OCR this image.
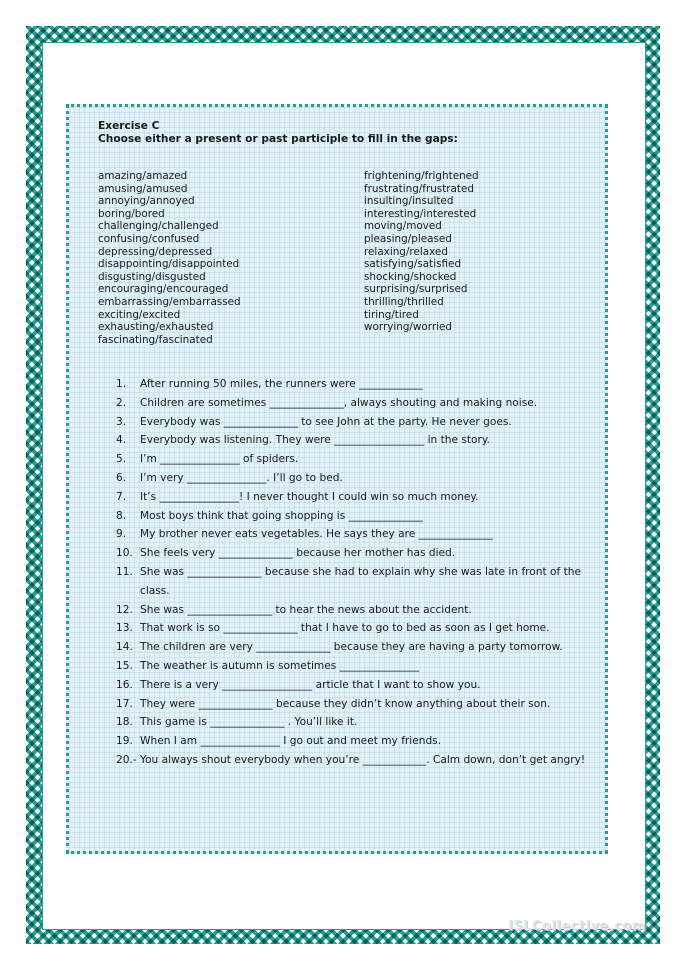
Exercise C

Choose either a present or past participle to fill in the gaps:

amazing/amazed
amusing/amused
annoying/annoyed
boring/bored
challenging/challenged
confusing/confused
depressing/depressed
disappointing/disappointed
disgusting/disgusted
encouraging/encouraged
embarrassing/embarrassed
exciting/excited
exhausting/exhausted
fascinating/fascinated
frightening/frightened
frustrating/frustrated
insulting/insulted
interesting/interested
moving/moved
pleasing/pleased
relaxing/relaxed
satisfying/satisfied
shocking/shocked
surprising/surprised
thrilling/thrilled
tiring/tired
worrying/worried
1.	After running 50 miles, the runners were ____________
2.	Children are sometimes ______________, always shouting and making noise.
3.	Everybody was ______________ to see John at the party. He never goes.
4.	Everybody was listening. They were _________________ in the story.
5.	I’m _______________ of spiders.
6.	I’m very _______________. I’ll go to bed.
7.	It’s _______________! I never thought I could win so much money.
8.	Most boys think that going shopping is ______________
9.	My brother never eats vegetables. He says they are ______________
10. She feels very ______________ because her mother has died.
11. She was ______________ because she had to explain why she was late in front of the class.
12. She was ________________ to hear the news about the accident.
13. That work is so ______________ that I have to go to bed as soon as I get home.
14. The children are very ______________ because they are having a party tomorrow.
15. The weather is autumn is sometimes _______________
16. There is a very _________________ article that I want to show you.
17. They were ______________ because they didn’t know anything about their son.
18. This game is ______________ . You’ll like it.
19. When I am _______________ I go out and meet my friends.
20.- You always shout everybody when you’re ____________. Calm down, don’t get angry!
iSLCollective.com
